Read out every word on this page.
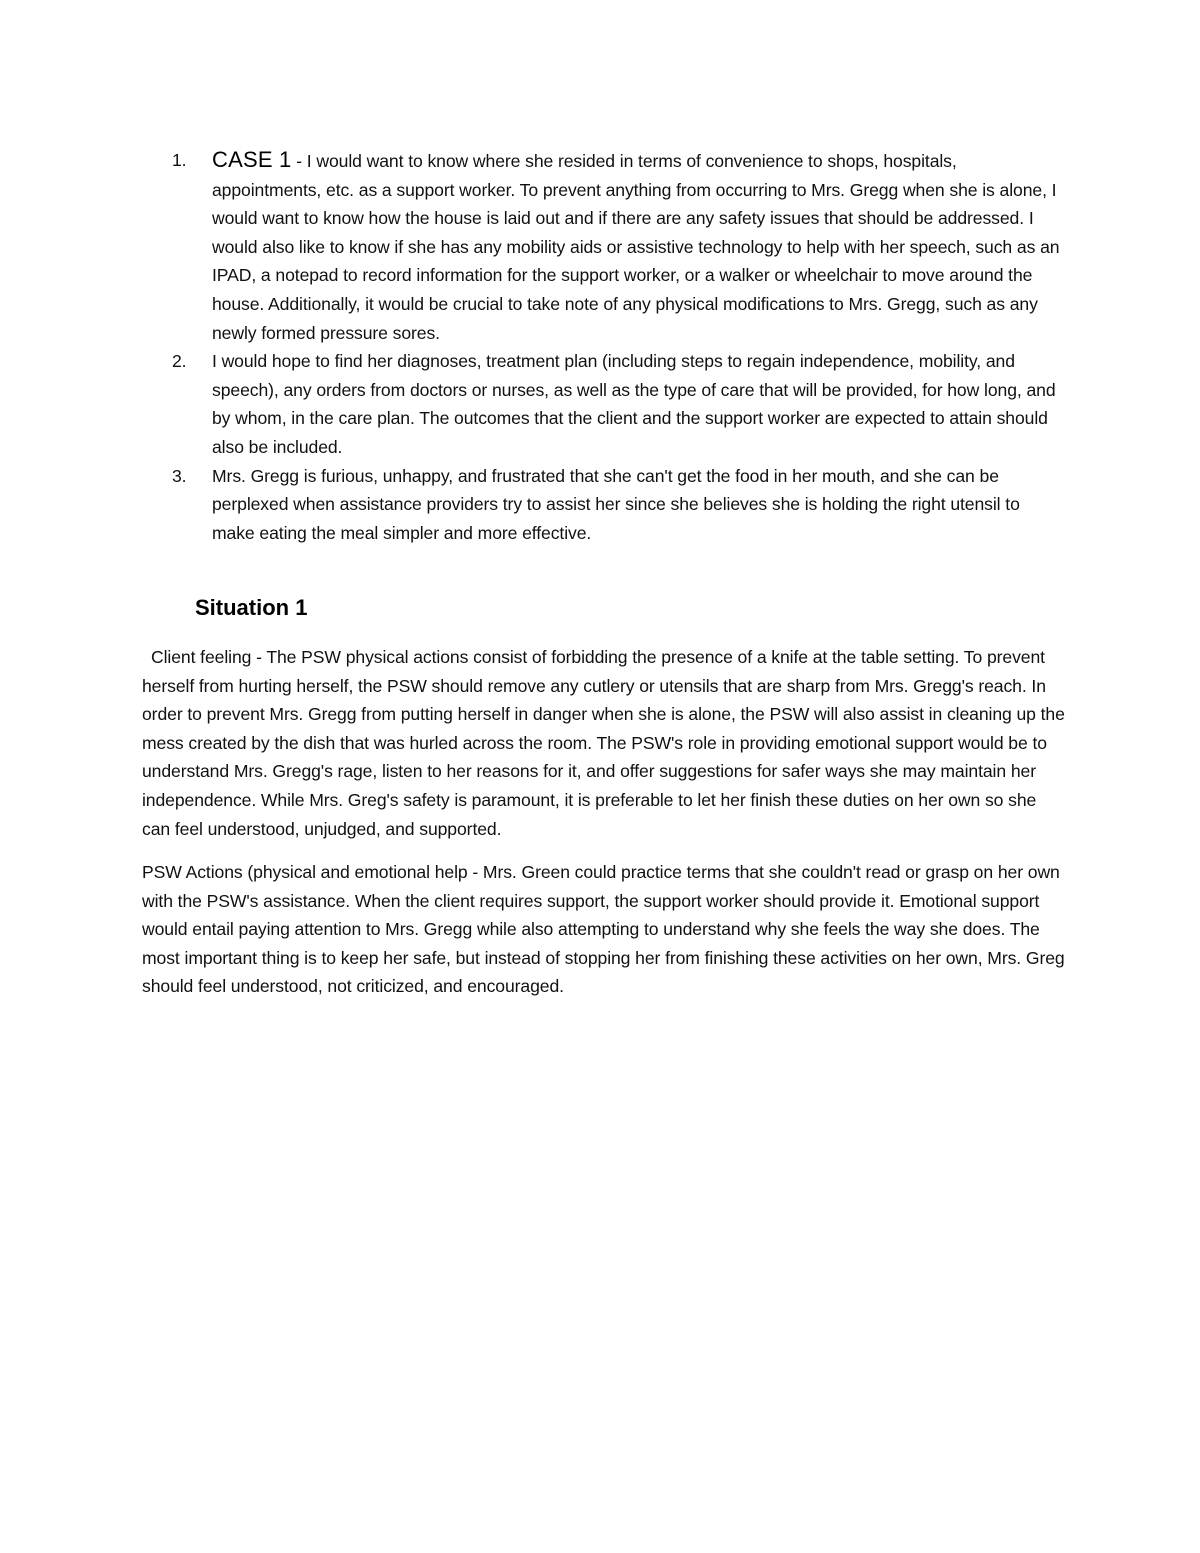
1.	CASE 1 - I would want to know where she resided in terms of convenience to shops, hospitals, appointments, etc. as a support worker. To prevent anything from occurring to Mrs. Gregg when she is alone, I would want to know how the house is laid out and if there are any safety issues that should be addressed. I would also like to know if she has any mobility aids or assistive technology to help with her speech, such as an IPAD, a notepad to record information for the support worker, or a walker or wheelchair to move around the house. Additionally, it would be crucial to take note of any physical modifications to Mrs. Gregg, such as any newly formed pressure sores.
2.	I would hope to find her diagnoses, treatment plan (including steps to regain independence, mobility, and speech), any orders from doctors or nurses, as well as the type of care that will be provided, for how long, and by whom, in the care plan. The outcomes that the client and the support worker are expected to attain should also be included.
3.	Mrs. Gregg is furious, unhappy, and frustrated that she can't get the food in her mouth, and she can be perplexed when assistance providers try to assist her since she believes she is holding the right utensil to make eating the meal simpler and more effective.
Situation 1

Client feeling - The PSW physical actions consist of forbidding the presence of a knife at the table setting. To prevent herself from hurting herself, the PSW should remove any cutlery or utensils that are sharp from Mrs. Gregg's reach. In order to prevent Mrs. Gregg from putting herself in danger when she is alone, the PSW will also assist in cleaning up the mess created by the dish that was hurled across the room. The PSW's role in providing emotional support would be to understand Mrs. Gregg's rage, listen to her reasons for it, and offer suggestions for safer ways she may maintain her independence. While Mrs. Greg's safety is paramount, it is preferable to let her finish these duties on her own so she can feel understood, unjudged, and supported.

PSW Actions (physical and emotional help - Mrs. Green could practice terms that she couldn't read or grasp on her own with the PSW's assistance. When the client requires support, the support worker should provide it. Emotional support would entail paying attention to Mrs. Gregg while also attempting to understand why she feels the way she does. The most important thing is to keep her safe, but instead of stopping her from finishing these activities on her own, Mrs. Greg should feel understood, not criticized, and encouraged.
